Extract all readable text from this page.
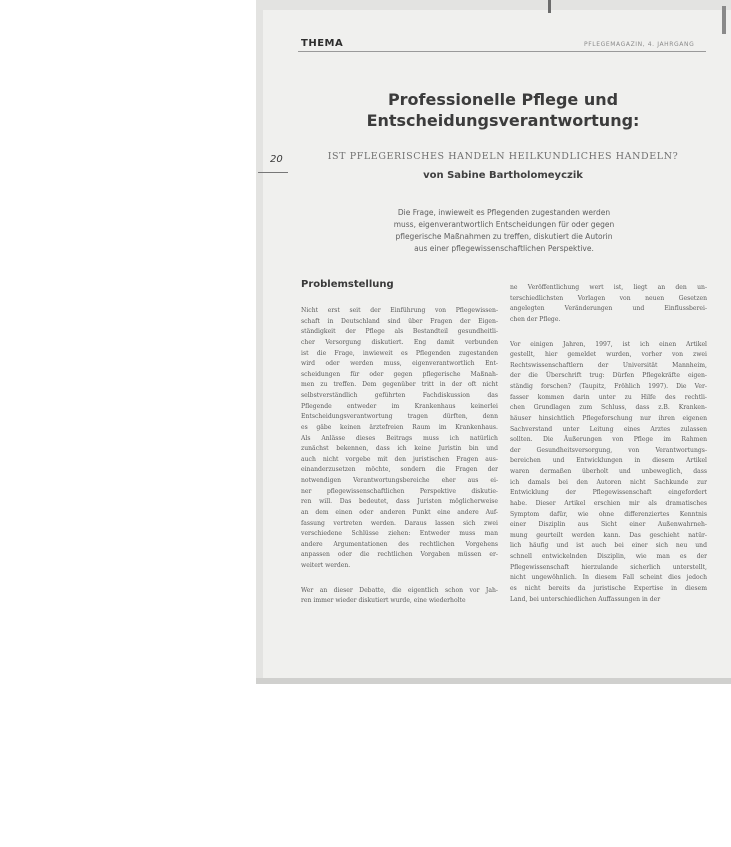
THEMA	PFLEGEMAGAZIN, 4. JAHRGANG
20
Professionelle Pflege und
Entscheidungsverantwortung:
IST PFLEGERISCHES HANDELN HEILKUNDLICHES HANDELN?
von Sabine Bartholomeyczik
Die Frage, inwieweit es Pflegenden zugestanden werden
muss, eigenverantwortlich Entscheidungen für oder gegen
pflegerische Maßnahmen zu treffen, diskutiert die Autorin
aus einer pflegewissenschaftlichen Perspektive.
Problemstellung
Nicht erst seit der Einführung von Pflegewissen-
schaft in Deutschland sind über Fragen der Eigen-
ständigkeit der Pflege als Bestandteil gesundheitli-
cher Versorgung diskutiert. Eng damit verbunden
ist die Frage, inwieweit es Pflegenden zugestanden
wird oder werden muss, eigenverantwortlich Ent-
scheidungen für oder gegen pflegerische Maßnah-
men zu treffen. Dem gegenüber tritt in der oft nicht
selbstverständlich geführten Fachdiskussion das
Pflegende entweder im Krankenhaus keinerlei
Entscheidungsverantwortung tragen dürften, denn
es gäbe keinen ärztefreien Raum im Krankenhaus.
Als Anlässe dieses Beitrags muss ich natürlich
zunächst bekennen, dass ich keine Juristin bin und
auch nicht vorgebe mit den juristischen Fragen aus-
einanderzusetzen möchte, sondern die Fragen der
notwendigen Verantwortungsbereiche eher aus ei-
ner pflegewissenschaftlichen Perspektive diskutie-
ren will. Das bedeutet, dass Juristen möglicherweise
an dem einen oder anderen Punkt eine andere Auf-
fassung vertreten werden. Daraus lassen sich zwei
verschiedene Schlüsse ziehen: Entweder muss man
andere Argumentationen des rechtlichen Vorgehens
anpassen oder die rechtlichen Vorgaben müssen er-
weitert werden.
Wer an dieser Debatte, die eigentlich schon vor Jah-
ren immer wieder diskutiert wurde, eine wiederholte
ne Veröffentlichung wert ist, liegt an den un-
terschiedlichsten Vorlagen von neuen Gesetzen
angelegten Veränderungen und Einflussberei-
chen der Pflege.
Vor einigen Jahren, 1997, ist ich einen Artikel
gestellt, hier gemeldet wurden, vorher von zwei
Rechtswissenschaftlern der Universität Mannheim,
der die Überschrift trug: Dürfen Pflegekräfte eigen-
ständig forschen? (Taupitz, Fröhlich 1997). Die Ver-
fasser kommen darin unter zu Hilfe des rechtli-
chen Grundlagen zum Schluss, dass z.B. Kranken-
häuser hinsichtlich Pflegeforschung nur ihren eigenen
Sachverstand unter Leitung eines Arztes zulassen
sollten. Die Äußerungen von Pflege im Rahmen
der Gesundheitsversorgung, von Verantwortungs-
bereichen und Entwicklungen in diesem Artikel
waren dermaßen überholt und unbeweglich, dass
ich damals bei den Autoren nicht Sachkunde zur
Entwicklung der Pflegewissenschaft eingefordert
habe. Dieser Artikel erschien mir als dramatisches
Symptom dafür, wie ohne differenziertes Kenntnis
einer Disziplin aus Sicht einer Außenwahrneh-
mung geurteilt werden kann. Das geschieht natür-
lich häufig und ist auch bei einer sich neu und
schnell entwickelnden Disziplin, wie man es der
Pflegewissenschaft hierzulande sicherlich unterstellt,
nicht ungewöhnlich. In diesem Fall scheint dies jedoch
es nicht bereits da juristische Expertise in diesem
Land, bei unterschiedlichen Auffassungen in der
